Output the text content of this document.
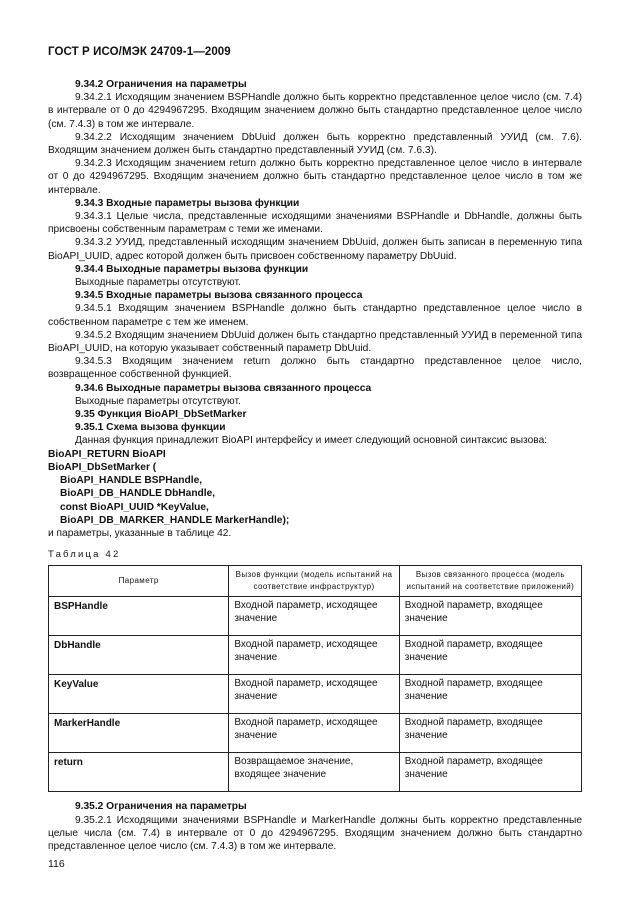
ГОСТ Р ИСО/МЭК 24709-1—2009

9.34.2 Ограничения на параметры

9.34.2.1 Исходящим значением BSPHandle должно быть корректно представленное целое число (см. 7.4) в интервале от 0 до 4294967295. Входящим значением должно быть стандартно представленное целое число (см. 7.4.3) в том же интервале.

9.34.2.2 Исходящим значением DbUuid должен быть корректно представленный УУИД (см. 7.6). Входящим значением должен быть стандартно представленный УУИД (см. 7.6.3).

9.34.2.3 Исходящим значением return должно быть корректно представленное целое число в интервале от 0 до 4294967295. Входящим значением должно быть стандартно представленное целое число в том же интервале.

9.34.3 Входные параметры вызова функции

9.34.3.1 Целые числа, представленные исходящими значениями BSPHandle и DbHandle, должны быть присвоены собственным параметрам с теми же именами.

9.34.3.2 УУИД, представленный исходящим значением DbUuid, должен быть записан в переменную типа BioAPI_UUID, адрес которой должен быть присвоен собственному параметру DbUuid.

9.34.4 Выходные параметры вызова функции

Выходные параметры отсутствуют.

9.34.5 Входные параметры вызова связанного процесса

9.34.5.1 Входящим значением BSPHandle должно быть стандартно представленное целое число в собственном параметре с тем же именем.

9.34.5.2 Входящим значением DbUuid должен быть стандартно представленный УУИД в переменной типа BioAPI_UUID, на которую указывает собственный параметр DbUuid.

9.34.5.3 Входящим значением return должно быть стандартно представленное целое число, возвращенное собственной функцией.

9.34.6 Выходные параметры вызова связанного процесса

Выходные параметры отсутствуют.

9.35 Функция BioAPI_DbSetMarker

9.35.1 Схема вызова функции

Данная функция принадлежит BioAPI интерфейсу и имеет следующий основной синтаксис вызова:

BioAPI_RETURN BioAPI

BioAPI_DbSetMarker (

BioAPI_HANDLE BSPHandle,

BioAPI_DB_HANDLE DbHandle,

const BioAPI_UUID *KeyValue,

BioAPI_DB_MARKER_HANDLE MarkerHandle);

и параметры, указанные в таблице 42.

Таблица 42

Параметр	Вызов функции (модель испытаний на соответствие инфраструктур)	Вызов связанного процесса (модель испытаний на соответствие приложений)
BSPHandle	Входной параметр, исходящее значение	Входной параметр, входящее значение
DbHandle	Входной параметр, исходящее значение	Входной параметр, входящее значение
KeyValue	Входной параметр, исходящее значение	Входной параметр, входящее значение
MarkerHandle	Входной параметр, исходящее значение	Входной параметр, входящее значение
return	Возвращаемое значение, входящее значение	Входной параметр, входящее значение

9.35.2 Ограничения на параметры

9.35.2.1 Исходящими значениями BSPHandle и MarkerHandle должны быть корректно представленные целые числа (см. 7.4) в интервале от 0 до 4294967295. Входящим значением должно быть стандартно представленное целое число (см. 7.4.3) в том же интервале.

116
